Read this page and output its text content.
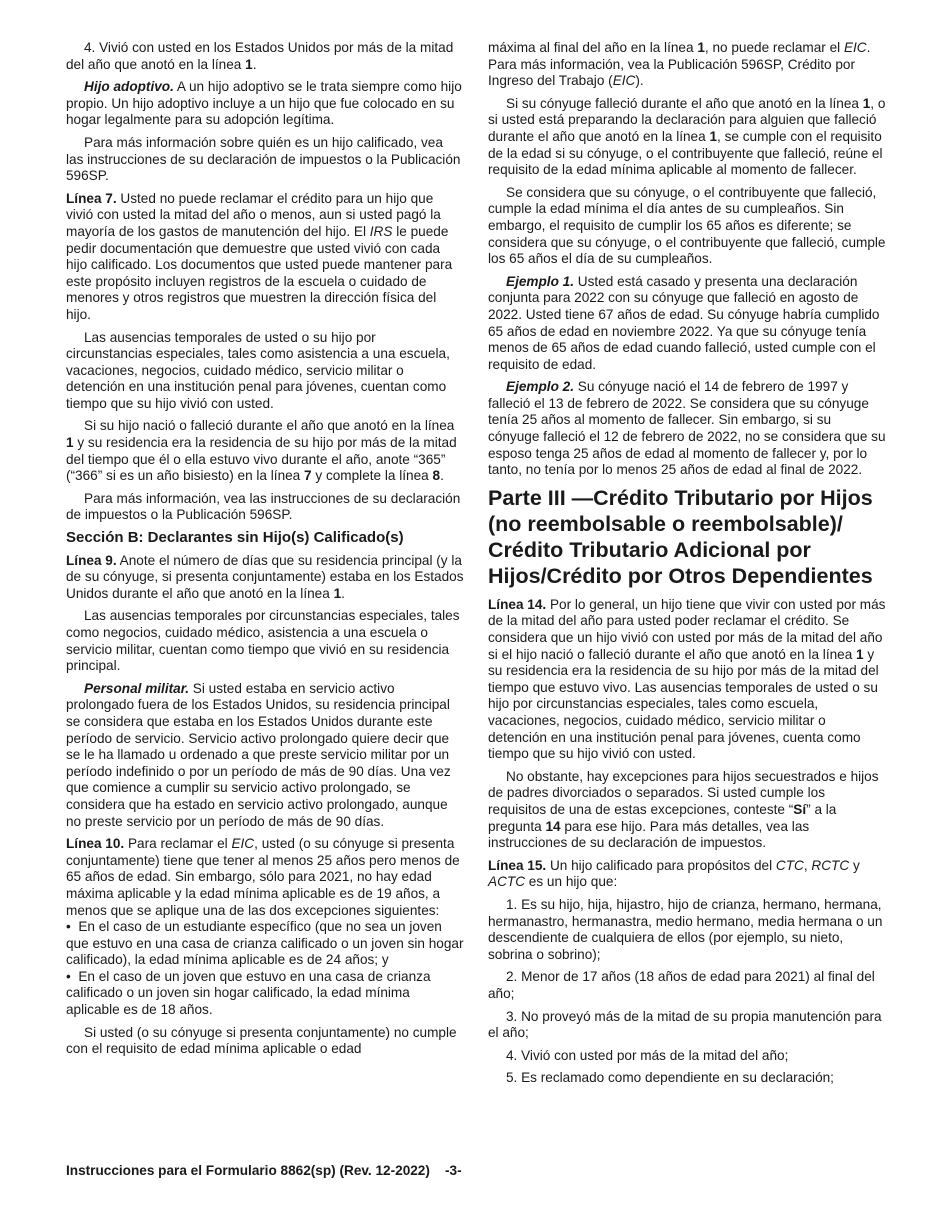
4. Vivió con usted en los Estados Unidos por más de la mitad del año que anotó en la línea 1.

Hijo adoptivo. A un hijo adoptivo se le trata siempre como hijo propio. Un hijo adoptivo incluye a un hijo que fue colocado en su hogar legalmente para su adopción legítima.

Para más información sobre quién es un hijo calificado, vea las instrucciones de su declaración de impuestos o la Publicación 596SP.

Línea 7. Usted no puede reclamar el crédito para un hijo que vivió con usted la mitad del año o menos, aun si usted pagó la mayoría de los gastos de manutención del hijo. El IRS le puede pedir documentación que demuestre que usted vivió con cada hijo calificado. Los documentos que usted puede mantener para este propósito incluyen registros de la escuela o cuidado de menores y otros registros que muestren la dirección física del hijo.

Las ausencias temporales de usted o su hijo por circunstancias especiales, tales como asistencia a una escuela, vacaciones, negocios, cuidado médico, servicio militar o detención en una institución penal para jóvenes, cuentan como tiempo que su hijo vivió con usted.

Si su hijo nació o falleció durante el año que anotó en la línea 1 y su residencia era la residencia de su hijo por más de la mitad del tiempo que él o ella estuvo vivo durante el año, anote “365” (“366” si es un año bisiesto) en la línea 7 y complete la línea 8.

Para más información, vea las instrucciones de su declaración de impuestos o la Publicación 596SP.

Sección B: Declarantes sin Hijo(s) Calificado(s)

Línea 9. Anote el número de días que su residencia principal (y la de su cónyuge, si presenta conjuntamente) estaba en los Estados Unidos durante el año que anotó en la línea 1.

Las ausencias temporales por circunstancias especiales, tales como negocios, cuidado médico, asistencia a una escuela o servicio militar, cuentan como tiempo que vivió en su residencia principal.

Personal militar. Si usted estaba en servicio activo prolongado fuera de los Estados Unidos, su residencia principal se considera que estaba en los Estados Unidos durante este período de servicio. Servicio activo prolongado quiere decir que se le ha llamado u ordenado a que preste servicio militar por un período indefinido o por un período de más de 90 días. Una vez que comience a cumplir su servicio activo prolongado, se considera que ha estado en servicio activo prolongado, aunque no preste servicio por un período de más de 90 días.

Línea 10. Para reclamar el EIC, usted (o su cónyuge si presenta conjuntamente) tiene que tener al menos 25 años pero menos de 65 años de edad. Sin embargo, sólo para 2021, no hay edad máxima aplicable y la edad mínima aplicable es de 19 años, a menos que se aplique una de las dos excepciones siguientes:

•  En el caso de un estudiante específico (que no sea un joven que estuvo en una casa de crianza calificado o un joven sin hogar calificado), la edad mínima aplicable es de 24 años; y

•  En el caso de un joven que estuvo en una casa de crianza calificado o un joven sin hogar calificado, la edad mínima aplicable es de 18 años.

Si usted (o su cónyuge si presenta conjuntamente) no cumple con el requisito de edad mínima aplicable o edad

máxima al final del año en la línea 1, no puede reclamar el EIC. Para más información, vea la Publicación 596SP, Crédito por Ingreso del Trabajo (EIC).

Si su cónyuge falleció durante el año que anotó en la línea 1, o si usted está preparando la declaración para alguien que falleció durante el año que anotó en la línea 1, se cumple con el requisito de la edad si su cónyuge, o el contribuyente que falleció, reúne el requisito de la edad mínima aplicable al momento de fallecer.

Se considera que su cónyuge, o el contribuyente que falleció, cumple la edad mínima el día antes de su cumpleaños. Sin embargo, el requisito de cumplir los 65 años es diferente; se considera que su cónyuge, o el contribuyente que falleció, cumple los 65 años el día de su cumpleaños.

Ejemplo 1. Usted está casado y presenta una declaración conjunta para 2022 con su cónyuge que falleció en agosto de 2022. Usted tiene 67 años de edad. Su cónyuge habría cumplido 65 años de edad en noviembre 2022. Ya que su cónyuge tenía menos de 65 años de edad cuando falleció, usted cumple con el requisito de edad.

Ejemplo 2. Su cónyuge nació el 14 de febrero de 1997 y falleció el 13 de febrero de 2022. Se considera que su cónyuge tenía 25 años al momento de fallecer. Sin embargo, si su cónyuge falleció el 12 de febrero de 2022, no se considera que su esposo tenga 25 años de edad al momento de fallecer y, por lo tanto, no tenía por lo menos 25 años de edad al final de 2022.

Parte III —Crédito Tributario por Hijos (no reembolsable o reembolsable)/ Crédito Tributario Adicional por Hijos/Crédito por Otros Dependientes

Línea 14. Por lo general, un hijo tiene que vivir con usted por más de la mitad del año para usted poder reclamar el crédito. Se considera que un hijo vivió con usted por más de la mitad del año si el hijo nació o falleció durante el año que anotó en la línea 1 y su residencia era la residencia de su hijo por más de la mitad del tiempo que estuvo vivo. Las ausencias temporales de usted o su hijo por circunstancias especiales, tales como escuela, vacaciones, negocios, cuidado médico, servicio militar o detención en una institución penal para jóvenes, cuenta como tiempo que su hijo vivió con usted.

No obstante, hay excepciones para hijos secuestrados e hijos de padres divorciados o separados. Si usted cumple los requisitos de una de estas excepciones, conteste “Sí” a la pregunta 14 para ese hijo. Para más detalles, vea las instrucciones de su declaración de impuestos.

Línea 15. Un hijo calificado para propósitos del CTC, RCTC y ACTC es un hijo que:

1. Es su hijo, hija, hijastro, hijo de crianza, hermano, hermana, hermanastro, hermanastra, medio hermano, media hermana o un descendiente de cualquiera de ellos (por ejemplo, su nieto, sobrina o sobrino);

2. Menor de 17 años (18 años de edad para 2021) al final del año;

3. No proveyó más de la mitad de su propia manutención para el año;

4. Vivió con usted por más de la mitad del año;

5. Es reclamado como dependiente en su declaración;

Instrucciones para el Formulario 8862(sp) (Rev. 12-2022)    -3-
